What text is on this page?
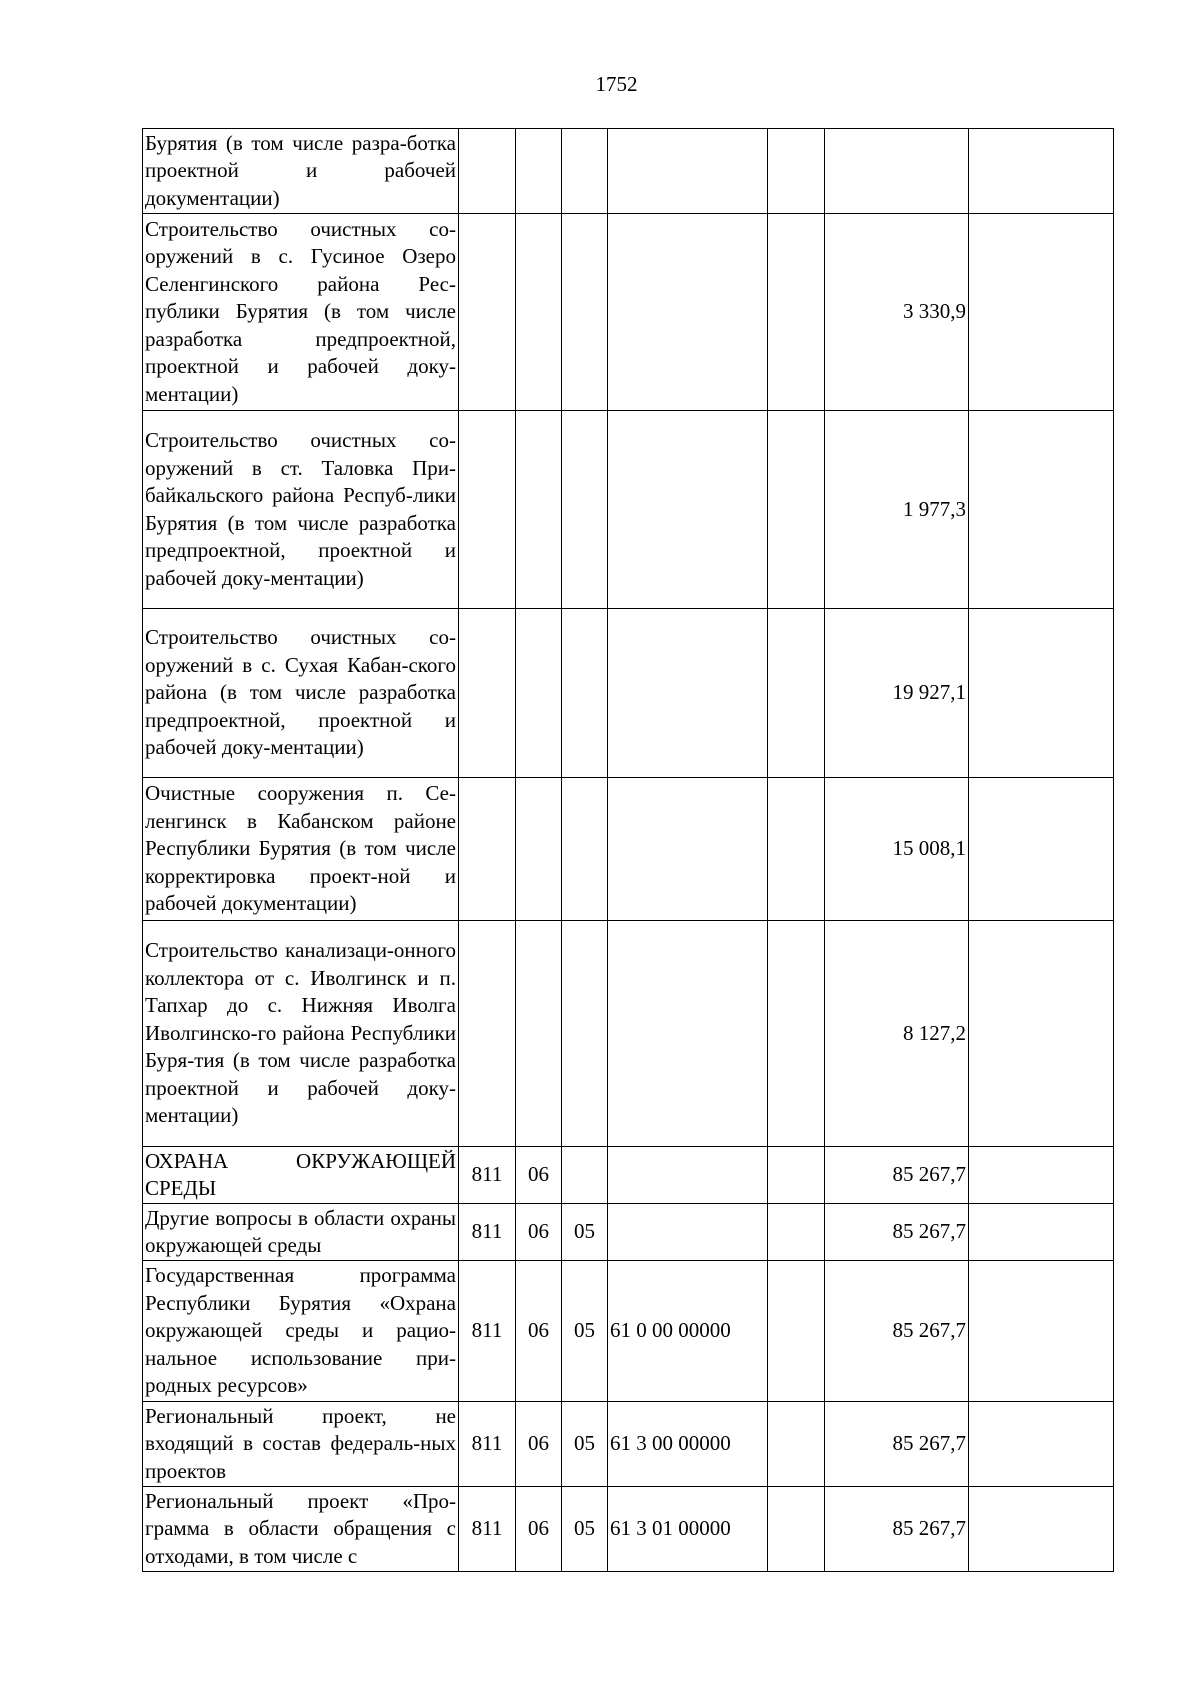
1752
Бурятия (в том числе разра-ботка проектной и рабочей документации)							
Строительство очистных со-оружений в с. Гусиное Озеро Селенгинского района Рес-публики Бурятия (в том числе разработка предпроектной, проектной и рабочей доку-ментации)						3 330,9	
Строительство очистных со-оружений в ст. Таловка При-байкальского района Респуб-лики Бурятия (в том числе разработка предпроектной, проектной и рабочей доку-ментации)						1 977,3	
Строительство очистных со-оружений в с. Сухая Кабан-ского района (в том числе разработка предпроектной, проектной и рабочей доку-ментации)						19 927,1	
Очистные сооружения п. Се-ленгинск в Кабанском районе Республики Бурятия (в том числе корректировка проект-ной и рабочей документации)						15 008,1	
Строительство канализаци-онного коллектора от с. Иволгинск и п. Тапхар до с. Нижняя Иволга Иволгинско-го района Республики Буря-тия (в том числе разработка проектной и рабочей доку-ментации)						8 127,2	
ОХРАНА ОКРУЖАЮЩЕЙ СРЕДЫ	811	06				85 267,7	
Другие вопросы в области охраны окружающей среды	811	06	05			85 267,7	
Государственная программа Республики Бурятия «Охрана окружающей среды и рацио-нальное использование при-родных ресурсов»	811	06	05	61 0 00 00000		85 267,7	
Региональный проект, не входящий в состав федераль-ных проектов	811	06	05	61 3 00 00000		85 267,7	
Региональный проект «Про-грамма в области обращения с отходами, в том числе с	811	06	05	61 3 01 00000		85 267,7	
